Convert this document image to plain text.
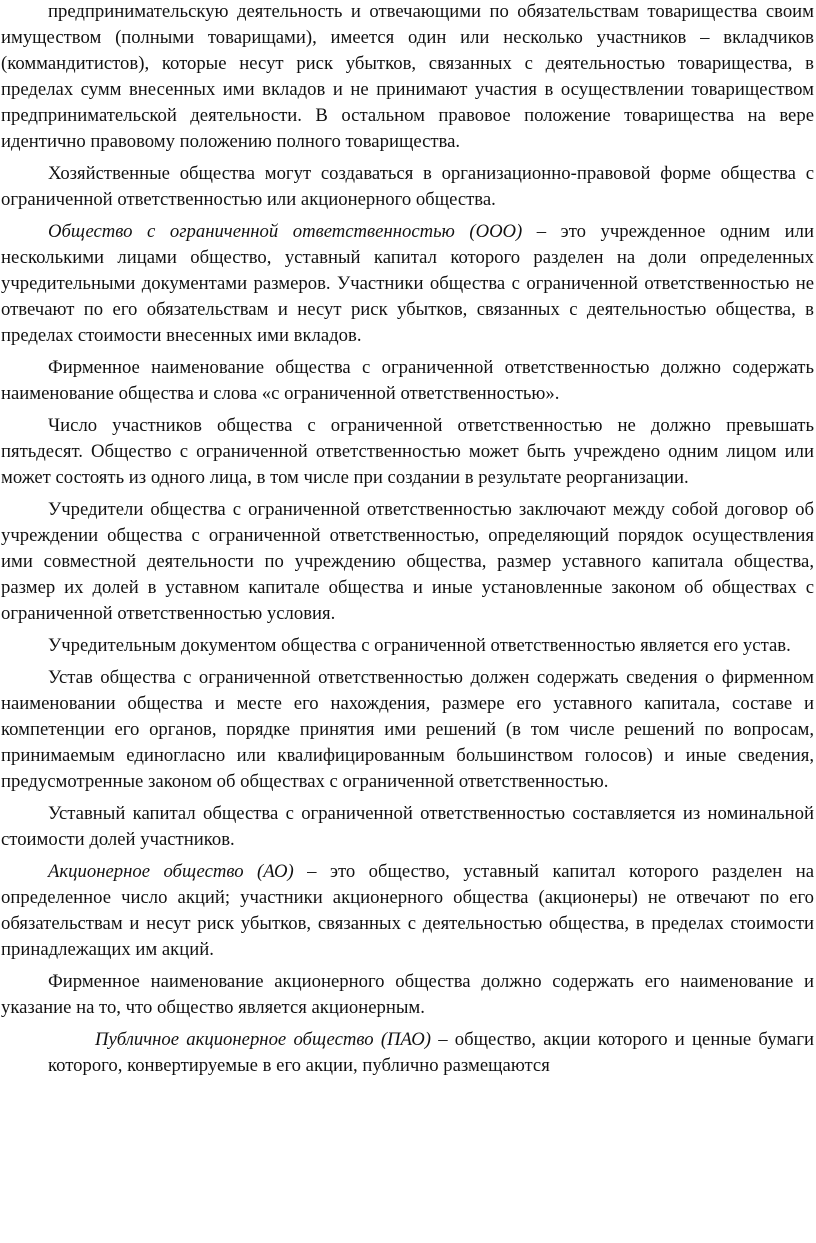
предпринимательскую деятельность и отвечающими по обязательствам товарищества своим имуществом (полными товарищами), имеется один или несколько участников – вкладчиков (коммандитистов), которые несут риск убытков, связанных с деятельностью товарищества, в пределах сумм внесенных ими вкладов и не принимают участия в осуществлении товариществом предпринимательской деятельности. В остальном правовое положение товарищества на вере идентично правовому положению полного товарищества.

Хозяйственные общества могут создаваться в организационно-правовой форме общества с ограниченной ответственностью или акционерного общества.

Общество с ограниченной ответственностью (ООО) – это учрежденное одним или несколькими лицами общество, уставный капитал которого разделен на доли определенных учредительными документами размеров. Участники общества с ограниченной ответственностью не отвечают по его обязательствам и несут риск убытков, связанных с деятельностью общества, в пределах стоимости внесенных ими вкладов.

Фирменное наименование общества с ограниченной ответственностью должно содержать наименование общества и слова «с ограниченной ответственностью».

Число участников общества с ограниченной ответственностью не должно превышать пятьдесят. Общество с ограниченной ответственностью может быть учреждено одним лицом или может состоять из одного лица, в том числе при создании в результате реорганизации.

Учредители общества с ограниченной ответственностью заключают между собой договор об учреждении общества с ограниченной ответственностью, определяющий порядок осуществления ими совместной деятельности по учреждению общества, размер уставного капитала общества, размер их долей в уставном капитале общества и иные установленные законом об обществах с ограниченной ответственностью условия.

Учредительным документом общества с ограниченной ответственностью является его устав.

Устав общества с ограниченной ответственностью должен содержать сведения о фирменном наименовании общества и месте его нахождения, размере его уставного капитала, составе и компетенции его органов, порядке принятия ими решений (в том числе решений по вопросам, принимаемым единогласно или квалифицированным большинством голосов) и иные сведения, предусмотренные законом об обществах с ограниченной ответственностью.

Уставный капитал общества с ограниченной ответственностью составляется из номинальной стоимости долей участников.

Акционерное общество (АО) – это общество, уставный капитал которого разделен на определенное число акций; участники акционерного общества (акционеры) не отвечают по его обязательствам и несут риск убытков, связанных с деятельностью общества, в пределах стоимости принадлежащих им акций.

Фирменное наименование акционерного общества должно содержать его наименование и указание на то, что общество является акционерным.

Публичное акционерное общество (ПАО) – общество, акции которого и ценные бумаги которого, конвертируемые в его акции, публично размещаются
